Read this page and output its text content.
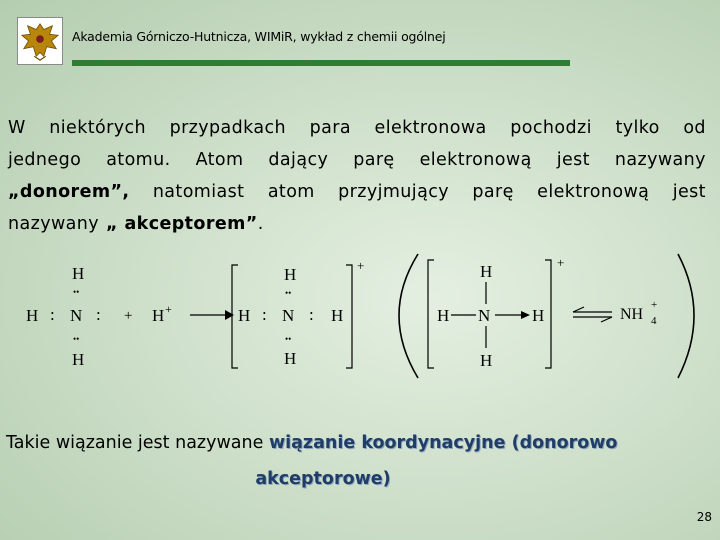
Akademia Górniczo-Hutnicza, WIMiR, wykład z chemii ogólnej
W niektórych przypadkach para elektronowa pochodzi tylko od
jednego atomu. Atom dający parę elektronową jest nazywany
„donorem”, natomiast atom przyjmujący parę elektronową jest
nazywany „ akceptorem”.
H
••
H : N :
••
H
+ H +
H
••
H : N : H
••
H
+	H
H N H
H
+
NH 4
+
Takie wiązanie jest nazywane wiązanie koordynacyjne (donorowo
akceptorowe)
28
